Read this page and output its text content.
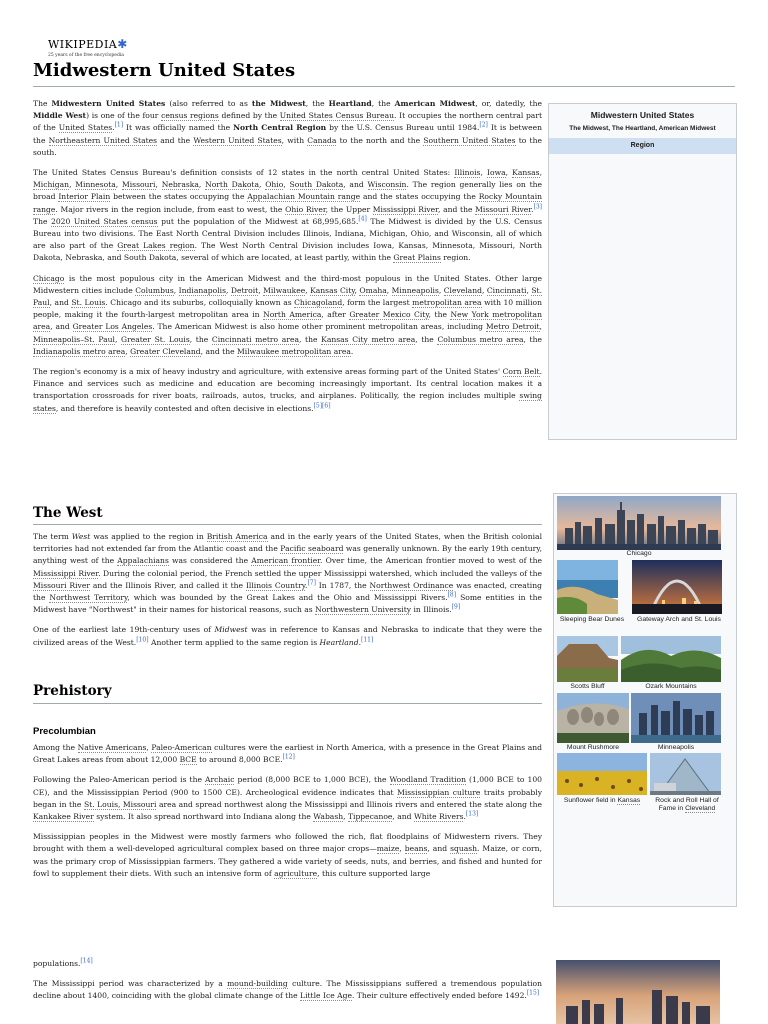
WIKIPEDIA✱
25 years of the free encyclopedia
Midwestern United States
Midwestern United States
The Midwest, The Heartland, American Midwest
Region

The Midwestern United States (also referred to as the Midwest, the Heartland, the American Midwest, or, datedly, the Middle West) is one of the four census regions defined by the United States Census Bureau. It occupies the northern central part of the United States.[1] It was officially named the North Central Region by the U.S. Census Bureau until 1984.[2] It is between the Northeastern United States and the Western United States, with Canada to the north and the Southern United States to the south.

The United States Census Bureau's definition consists of 12 states in the north central United States: Illinois, Iowa, Kansas, Michigan, Minnesota, Missouri, Nebraska, North Dakota, Ohio, South Dakota, and Wisconsin. The region generally lies on the broad Interior Plain between the states occupying the Appalachian Mountain range and the states occupying the Rocky Mountain range. Major rivers in the region include, from east to west, the Ohio River, the Upper Mississippi River, and the Missouri River.[3] The 2020 United States census put the population of the Midwest at 68,995,685.[4] The Midwest is divided by the U.S. Census Bureau into two divisions. The East North Central Division includes Illinois, Indiana, Michigan, Ohio, and Wisconsin, all of which are also part of the Great Lakes region. The West North Central Division includes Iowa, Kansas, Minnesota, Missouri, North Dakota, Nebraska, and South Dakota, several of which are located, at least partly, within the Great Plains region.

Chicago is the most populous city in the American Midwest and the third-most populous in the United States. Other large Midwestern cities include Columbus, Indianapolis, Detroit, Milwaukee, Kansas City, Omaha, Minneapolis, Cleveland, Cincinnati, St. Paul, and St. Louis. Chicago and its suburbs, colloquially known as Chicagoland, form the largest metropolitan area with 10 million people, making it the fourth-largest metropolitan area in North America, after Greater Mexico City, the New York metropolitan area, and Greater Los Angeles. The American Midwest is also home other prominent metropolitan areas, including Metro Detroit, Minneapolis–St. Paul, Greater St. Louis, the Cincinnati metro area, the Kansas City metro area, the Columbus metro area, the Indianapolis metro area, Greater Cleveland, and the Milwaukee metropolitan area.

The region's economy is a mix of heavy industry and agriculture, with extensive areas forming part of the United States' Corn Belt. Finance and services such as medicine and education are becoming increasingly important. Its central location makes it a transportation crossroads for river boats, railroads, autos, trucks, and airplanes. Politically, the region includes multiple swing states, and therefore is heavily contested and often decisive in elections.[5][6]

The West

The term West was applied to the region in British America and in the early years of the United States, when the British colonial territories had not extended far from the Atlantic coast and the Pacific seaboard was generally unknown. By the early 19th century, anything west of the Appalachians was considered the American frontier. Over time, the American frontier moved to west of the Mississippi River. During the colonial period, the French settled the upper Mississippi watershed, which included the valleys of the Missouri River and the Illinois River, and called it the Illinois Country.[7] In 1787, the Northwest Ordinance was enacted, creating the Northwest Territory, which was bounded by the Great Lakes and the Ohio and Mississippi Rivers.[8] Some entities in the Midwest have "Northwest" in their names for historical reasons, such as Northwestern University in Illinois.[9]

One of the earliest late 19th-century uses of Midwest was in reference to Kansas and Nebraska to indicate that they were the civilized areas of the West.[10] Another term applied to the same region is Heartland.[11]

Prehistory
Precolumbian

Among the Native Americans, Paleo-American cultures were the earliest in North America, with a presence in the Great Plains and Great Lakes areas from about 12,000 BCE to around 8,000 BCE.[12]

Following the Paleo-American period is the Archaic period (8,000 BCE to 1,000 BCE), the Woodland Tradition (1,000 BCE to 100 CE), and the Mississippian Period (900 to 1500 CE). Archeological evidence indicates that Mississippian culture traits probably began in the St. Louis, Missouri area and spread northwest along the Mississippi and Illinois rivers and entered the state along the Kankakee River system. It also spread northward into Indiana along the Wabash, Tippecanoe, and White Rivers.[13]

Mississippian peoples in the Midwest were mostly farmers who followed the rich, flat floodplains of Midwestern rivers. They brought with them a well-developed agricultural complex based on three major crops—maize, beans, and squash. Maize, or corn, was the primary crop of Mississippian farmers. They gathered a wide variety of seeds, nuts, and berries, and fished and hunted for fowl to supplement their diets. With such an intensive form of agriculture, this culture supported large

populations.[14]

The Mississippi period was characterized by a mound-building culture. The Mississippians suffered a tremendous population decline about 1400, coinciding with the global climate change of the Little Ice Age. Their culture effectively ended before 1492.[15]

Chicago
Sleeping Bear Dunes	Gateway Arch and St. Louis
Scotts Bluff	Ozark Mountains
Mount Rushmore	Minneapolis
Sunflower field in Kansas	Rock and Roll Hall of Fame in Cleveland
